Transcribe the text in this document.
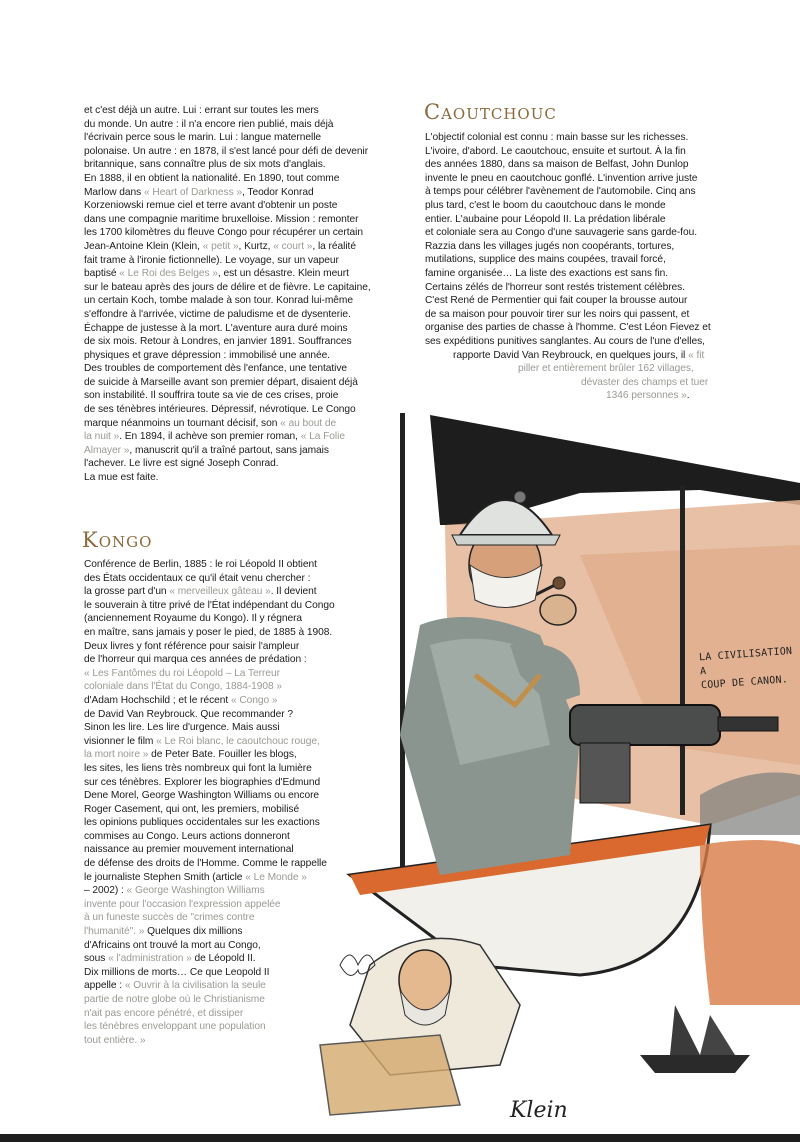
LA CIVILISATION A
COUP DE CANON.
Klein

et c'est déjà un autre. Lui : errant sur toutes les mers

du monde. Un autre : il n'a encore rien publié, mais déjà

l'écrivain perce sous le marin. Lui : langue maternelle

polonaise. Un autre : en 1878, il s'est lancé pour défi de devenir

britannique, sans connaître plus de six mots d'anglais.

En 1888, il en obtient la nationalité. En 1890, tout comme

Marlow dans « Heart of Darkness », Teodor Konrad

Korzeniowski remue ciel et terre avant d'obtenir un poste

dans une compagnie maritime bruxelloise. Mission : remonter

les 1700 kilomètres du fleuve Congo pour récupérer un certain

Jean-Antoine Klein (Klein, « petit », Kurtz, « court », la réalité

fait trame à l'ironie fictionnelle). Le voyage, sur un vapeur

baptisé « Le Roi des Belges », est un désastre. Klein meurt

sur le bateau après des jours de délire et de fièvre. Le capitaine,

un certain Koch, tombe malade à son tour. Konrad lui-même

s'effondre à l'arrivée, victime de paludisme et de dysenterie.

Échappe de justesse à la mort. L'aventure aura duré moins

de six mois. Retour à Londres, en janvier 1891. Souffrances

physiques et grave dépression : immobilisé une année.

Des troubles de comportement dès l'enfance, une tentative

de suicide à Marseille avant son premier départ, disaient déjà

son instabilité. Il souffrira toute sa vie de ces crises, proie

de ses ténèbres intérieures. Dépressif, névrotique. Le Congo

marque néanmoins un tournant décisif, son « au bout de

la nuit ». En 1894, il achève son premier roman, « La Folie

Almayer », manuscrit qu'il a traîné partout, sans jamais

l'achever. Le livre est signé Joseph Conrad.

La mue est faite.

KONGO

Conférence de Berlin, 1885 : le roi Léopold II obtient

des États occidentaux ce qu'il était venu chercher :

la grosse part d'un « merveilleux gâteau ». Il devient

le souverain à titre privé de l'État indépendant du Congo

(anciennement Royaume du Kongo). Il y régnera

en maître, sans jamais y poser le pied, de 1885 à 1908.

Deux livres y font référence pour saisir l'ampleur

de l'horreur qui marqua ces années de prédation :

« Les Fantômes du roi Léopold – La Terreur

coloniale dans l'État du Congo, 1884-1908 »

d'Adam Hochschild ; et le récent « Congo »

de David Van Reybrouck. Que recommander ?

Sinon les lire. Les lire d'urgence. Mais aussi

visionner le film « Le Roi blanc, le caoutchouc rouge,

la mort noire » de Peter Bate. Fouiller les blogs,

les sites, les liens très nombreux qui font la lumière

sur ces ténèbres. Explorer les biographies d'Edmund

Dene Morel, George Washington Williams ou encore

Roger Casement, qui ont, les premiers, mobilisé

les opinions publiques occidentales sur les exactions

commises au Congo. Leurs actions donneront

naissance au premier mouvement international

de défense des droits de l'Homme. Comme le rappelle

le journaliste Stephen Smith (article « Le Monde »

– 2002) : « George Washington Williams

invente pour l'occasion l'expression appelée

à un funeste succès de "crimes contre

l'humanité". » Quelques dix millions

d'Africains ont trouvé la mort au Congo,

sous « l'administration » de Léopold II.

Dix millions de morts… Ce que Leopold II

appelle : « Ouvrir à la civilisation la seule

partie de notre globe où le Christianisme

n'ait pas encore pénétré, et dissiper

les ténèbres enveloppant une population

tout entière. »

CAOUTCHOUC

L'objectif colonial est connu : main basse sur les richesses.

L'ivoire, d'abord. Le caoutchouc, ensuite et surtout. À la fin

des années 1880, dans sa maison de Belfast, John Dunlop

invente le pneu en caoutchouc gonflé. L'invention arrive juste

à temps pour célébrer l'avènement de l'automobile. Cinq ans

plus tard, c'est le boom du caoutchouc dans le monde

entier. L'aubaine pour Léopold II. La prédation libérale

et coloniale sera au Congo d'une sauvagerie sans garde-fou.

Razzia dans les villages jugés non coopérants, tortures,

mutilations, supplice des mains coupées, travail forcé,

famine organisée… La liste des exactions est sans fin.

Certains zélés de l'horreur sont restés tristement célèbres.

C'est René de Permentier qui fait couper la brousse autour

de sa maison pour pouvoir tirer sur les noirs qui passent, et

organise des parties de chasse à l'homme. C'est Léon Fievez et

ses expéditions punitives sanglantes. Au cours de l'une d'elles,

rapporte David Van Reybrouck, en quelques jours, il « fit

piller et entièrement brûler 162 villages,

dévaster des champs et tuer

1346 personnes ».
